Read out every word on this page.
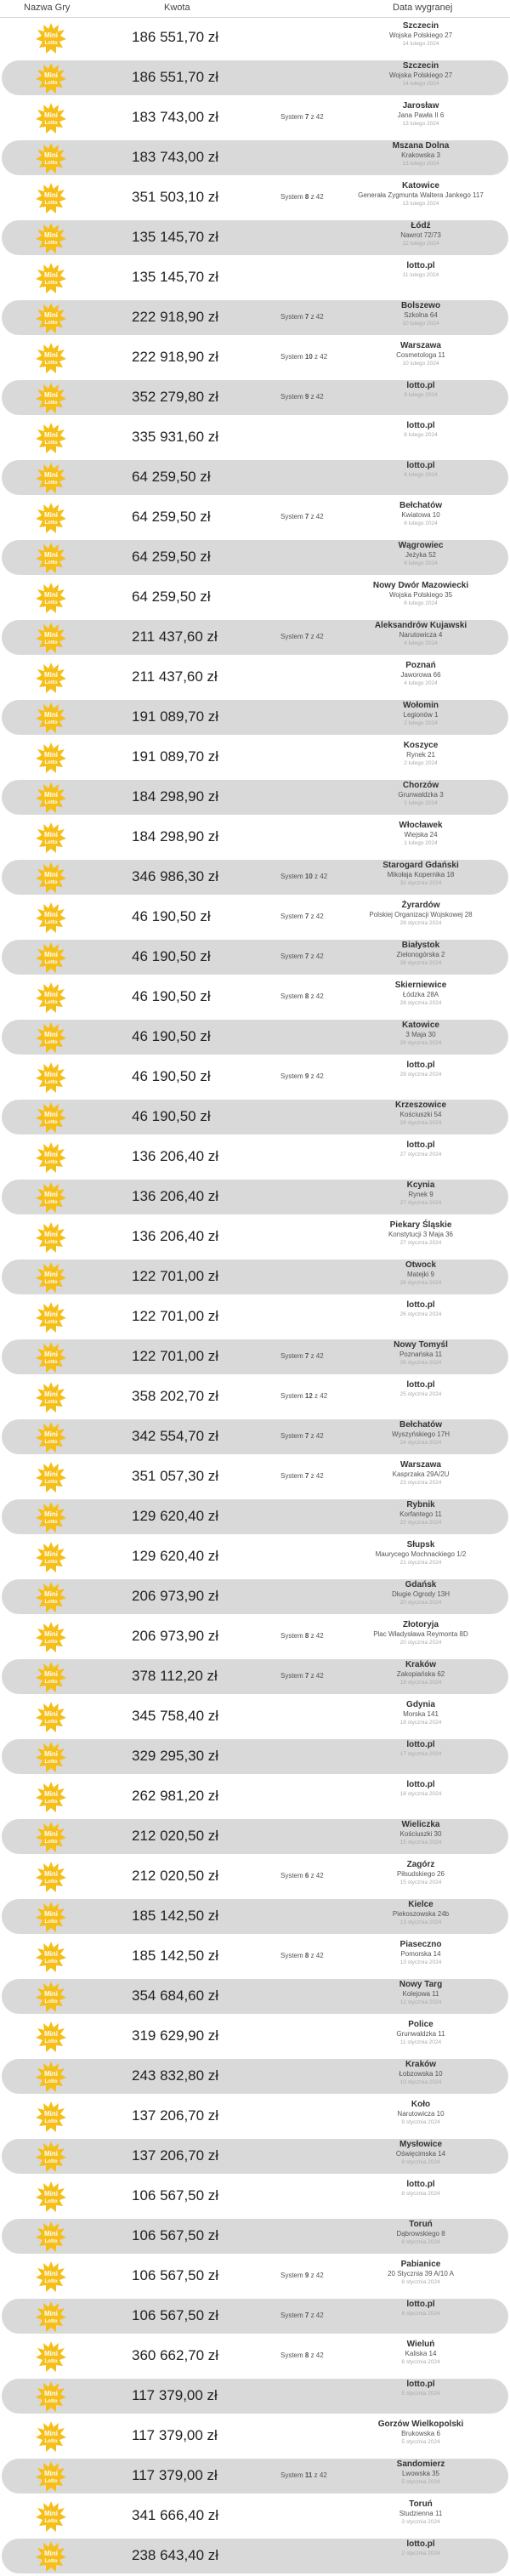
Nazwa Gry	Kwota	Data wygranej
Mini
Lotto	186 551,70 zł
Szczecin
Wojska Polskiego 27
14 lutego 2024
Mini
Lotto	186 551,70 zł
Szczecin
Wojska Polskiego 27
14 lutego 2024
Mini
Lotto	183 743,00 zł	System 7 z 42
Jarosław
Jana Pawła II 6
13 lutego 2024
Mini
Lotto	183 743,00 zł
Mszana Dolna
Krakowska 3
13 lutego 2024
Mini
Lotto	351 503,10 zł	System 8 z 42
Katowice
Generała Zygmunta Waltera Jankego 117
13 lutego 2024
Mini
Lotto	135 145,70 zł
Łódź
Nawrot 72/73
12 lutego 2024
Mini
Lotto	135 145,70 zł
lotto.pl
11 lutego 2024
Mini
Lotto	222 918,90 zł	System 7 z 42
Bolszewo
Szkolna 64
10 lutego 2024
Mini
Lotto	222 918,90 zł	System 10 z 42
Warszawa
Cosmetologa 11
10 lutego 2024
Mini
Lotto	352 279,80 zł	System 9 z 42
lotto.pl
9 lutego 2024
Mini
Lotto	335 931,60 zł
lotto.pl
8 lutego 2024
Mini
Lotto	64 259,50 zł
lotto.pl
6 lutego 2024
Mini
Lotto	64 259,50 zł	System 7 z 42
Bełchatów
Kwiatowa 10
6 lutego 2024
Mini
Lotto	64 259,50 zł
Wągrowiec
Jeżyka 52
6 lutego 2024
Mini
Lotto	64 259,50 zł
Nowy Dwór Mazowiecki
Wojska Polskiego 35
6 lutego 2024
Mini
Lotto	211 437,60 zł	System 7 z 42
Aleksandrów Kujawski
Narutowicza 4
4 lutego 2024
Mini
Lotto	211 437,60 zł
Poznań
Jaworowa 66
4 lutego 2024
Mini
Lotto	191 089,70 zł
Wołomin
Legionów 1
2 lutego 2024
Mini
Lotto	191 089,70 zł
Koszyce
Rynek 21
2 lutego 2024
Mini
Lotto	184 298,90 zł
Chorzów
Grunwaldzka 3
1 lutego 2024
Mini
Lotto	184 298,90 zł
Włocławek
Wiejska 24
1 lutego 2024
Mini
Lotto	346 986,30 zł	System 10 z 42
Starogard Gdański
Mikołaja Kopernika 18
31 stycznia 2024
Mini
Lotto	46 190,50 zł	System 7 z 42
Żyrardów
Polskiej Organizacji Wojskowej 28
28 stycznia 2024
Mini
Lotto	46 190,50 zł	System 7 z 42
Białystok
Zielonogórska 2
28 stycznia 2024
Mini
Lotto	46 190,50 zł	System 8 z 42
Skierniewice
Łódzka 28A
28 stycznia 2024
Mini
Lotto	46 190,50 zł
Katowice
3 Maja 30
28 stycznia 2024
Mini
Lotto	46 190,50 zł	System 9 z 42
lotto.pl
28 stycznia 2024
Mini
Lotto	46 190,50 zł
Krzeszowice
Kościuszki 54
28 stycznia 2024
Mini
Lotto	136 206,40 zł
lotto.pl
27 stycznia 2024
Mini
Lotto	136 206,40 zł
Kcynia
Rynek 9
27 stycznia 2024
Mini
Lotto	136 206,40 zł
Piekary Śląskie
Konstytucji 3 Maja 36
27 stycznia 2024
Mini
Lotto	122 701,00 zł
Otwock
Matejki 9
26 stycznia 2024
Mini
Lotto	122 701,00 zł
lotto.pl
26 stycznia 2024
Mini
Lotto	122 701,00 zł	System 7 z 42
Nowy Tomyśl
Poznańska 11
26 stycznia 2024
Mini
Lotto	358 202,70 zł	System 12 z 42
lotto.pl
25 stycznia 2024
Mini
Lotto	342 554,70 zł	System 7 z 42
Bełchatów
Wyszyńskiego 17H
24 stycznia 2024
Mini
Lotto	351 057,30 zł	System 7 z 42
Warszawa
Kasprzaka 29A/2U
23 stycznia 2024
Mini
Lotto	129 620,40 zł
Rybnik
Korfantego 11
22 stycznia 2024
Mini
Lotto	129 620,40 zł
Słupsk
Maurycego Mochnackiego 1/2
21 stycznia 2024
Mini
Lotto	206 973,90 zł
Gdańsk
Długie Ogrody 13H
20 stycznia 2024
Mini
Lotto	206 973,90 zł	System 8 z 42
Złotoryja
Plac Władysława Reymonta 8D
20 stycznia 2024
Mini
Lotto	378 112,20 zł	System 7 z 42
Kraków
Zakopiańska 62
19 stycznia 2024
Mini
Lotto	345 758,40 zł
Gdynia
Morska 141
18 stycznia 2024
Mini
Lotto	329 295,30 zł
lotto.pl
17 stycznia 2024
Mini
Lotto	262 981,20 zł
lotto.pl
16 stycznia 2024
Mini
Lotto	212 020,50 zł
Wieliczka
Kościuszki 30
15 stycznia 2024
Mini
Lotto	212 020,50 zł	System 6 z 42
Zagórz
Piłsudskiego 26
15 stycznia 2024
Mini
Lotto	185 142,50 zł
Kielce
Piekoszowska 24b
13 stycznia 2024
Mini
Lotto	185 142,50 zł	System 8 z 42
Piaseczno
Pomorska 14
13 stycznia 2024
Mini
Lotto	354 684,60 zł
Nowy Targ
Kolejowa 11
12 stycznia 2024
Mini
Lotto	319 629,90 zł
Police
Grunwaldzka 11
11 stycznia 2024
Mini
Lotto	243 832,80 zł
Kraków
Łobzowska 10
10 stycznia 2024
Mini
Lotto	137 206,70 zł
Koło
Narutowicza 10
9 stycznia 2024
Mini
Lotto	137 206,70 zł
Mysłowice
Oświęcimska 14
9 stycznia 2024
Mini
Lotto	106 567,50 zł
lotto.pl
8 stycznia 2024
Mini
Lotto	106 567,50 zł
Toruń
Dąbrowskiego 8
8 stycznia 2024
Mini
Lotto	106 567,50 zł	System 9 z 42
Pabianice
20 Stycznia 39 A/10 A
8 stycznia 2024
Mini
Lotto	106 567,50 zł	System 7 z 42
lotto.pl
8 stycznia 2024
Mini
Lotto	360 662,70 zł	System 8 z 42
Wieluń
Kaliska 14
6 stycznia 2024
Mini
Lotto	117 379,00 zł
lotto.pl
5 stycznia 2024
Mini
Lotto	117 379,00 zł
Gorzów Wielkopolski
Brukowska 6
5 stycznia 2024
Mini
Lotto	117 379,00 zł	System 11 z 42
Sandomierz
Lwowska 35
5 stycznia 2024
Mini
Lotto	341 666,40 zł
Toruń
Studzienna 11
3 stycznia 2024
Mini
Lotto	238 643,40 zł
lotto.pl
2 stycznia 2024
